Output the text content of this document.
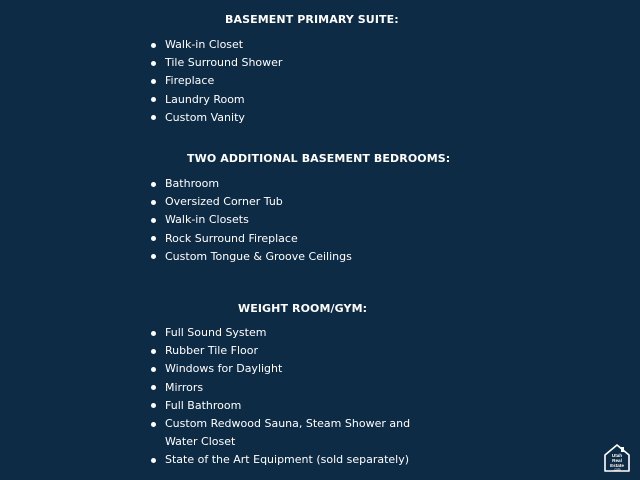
BASEMENT PRIMARY SUITE:
Walk-in Closet
Tile Surround Shower
Fireplace
Laundry Room
Custom Vanity
TWO ADDITIONAL BASEMENT BEDROOMS:
Bathroom
Oversized Corner Tub
Walk-in Closets
Rock Surround Fireplace
Custom Tongue & Groove Ceilings
WEIGHT ROOM/GYM:
Full Sound System
Rubber Tile Floor
Windows for Daylight
Mirrors
Full Bathroom
Custom Redwood Sauna, Steam Shower and
Water Closet
State of the Art Equipment (sold separately)	Utah
Real
Estate
.com
